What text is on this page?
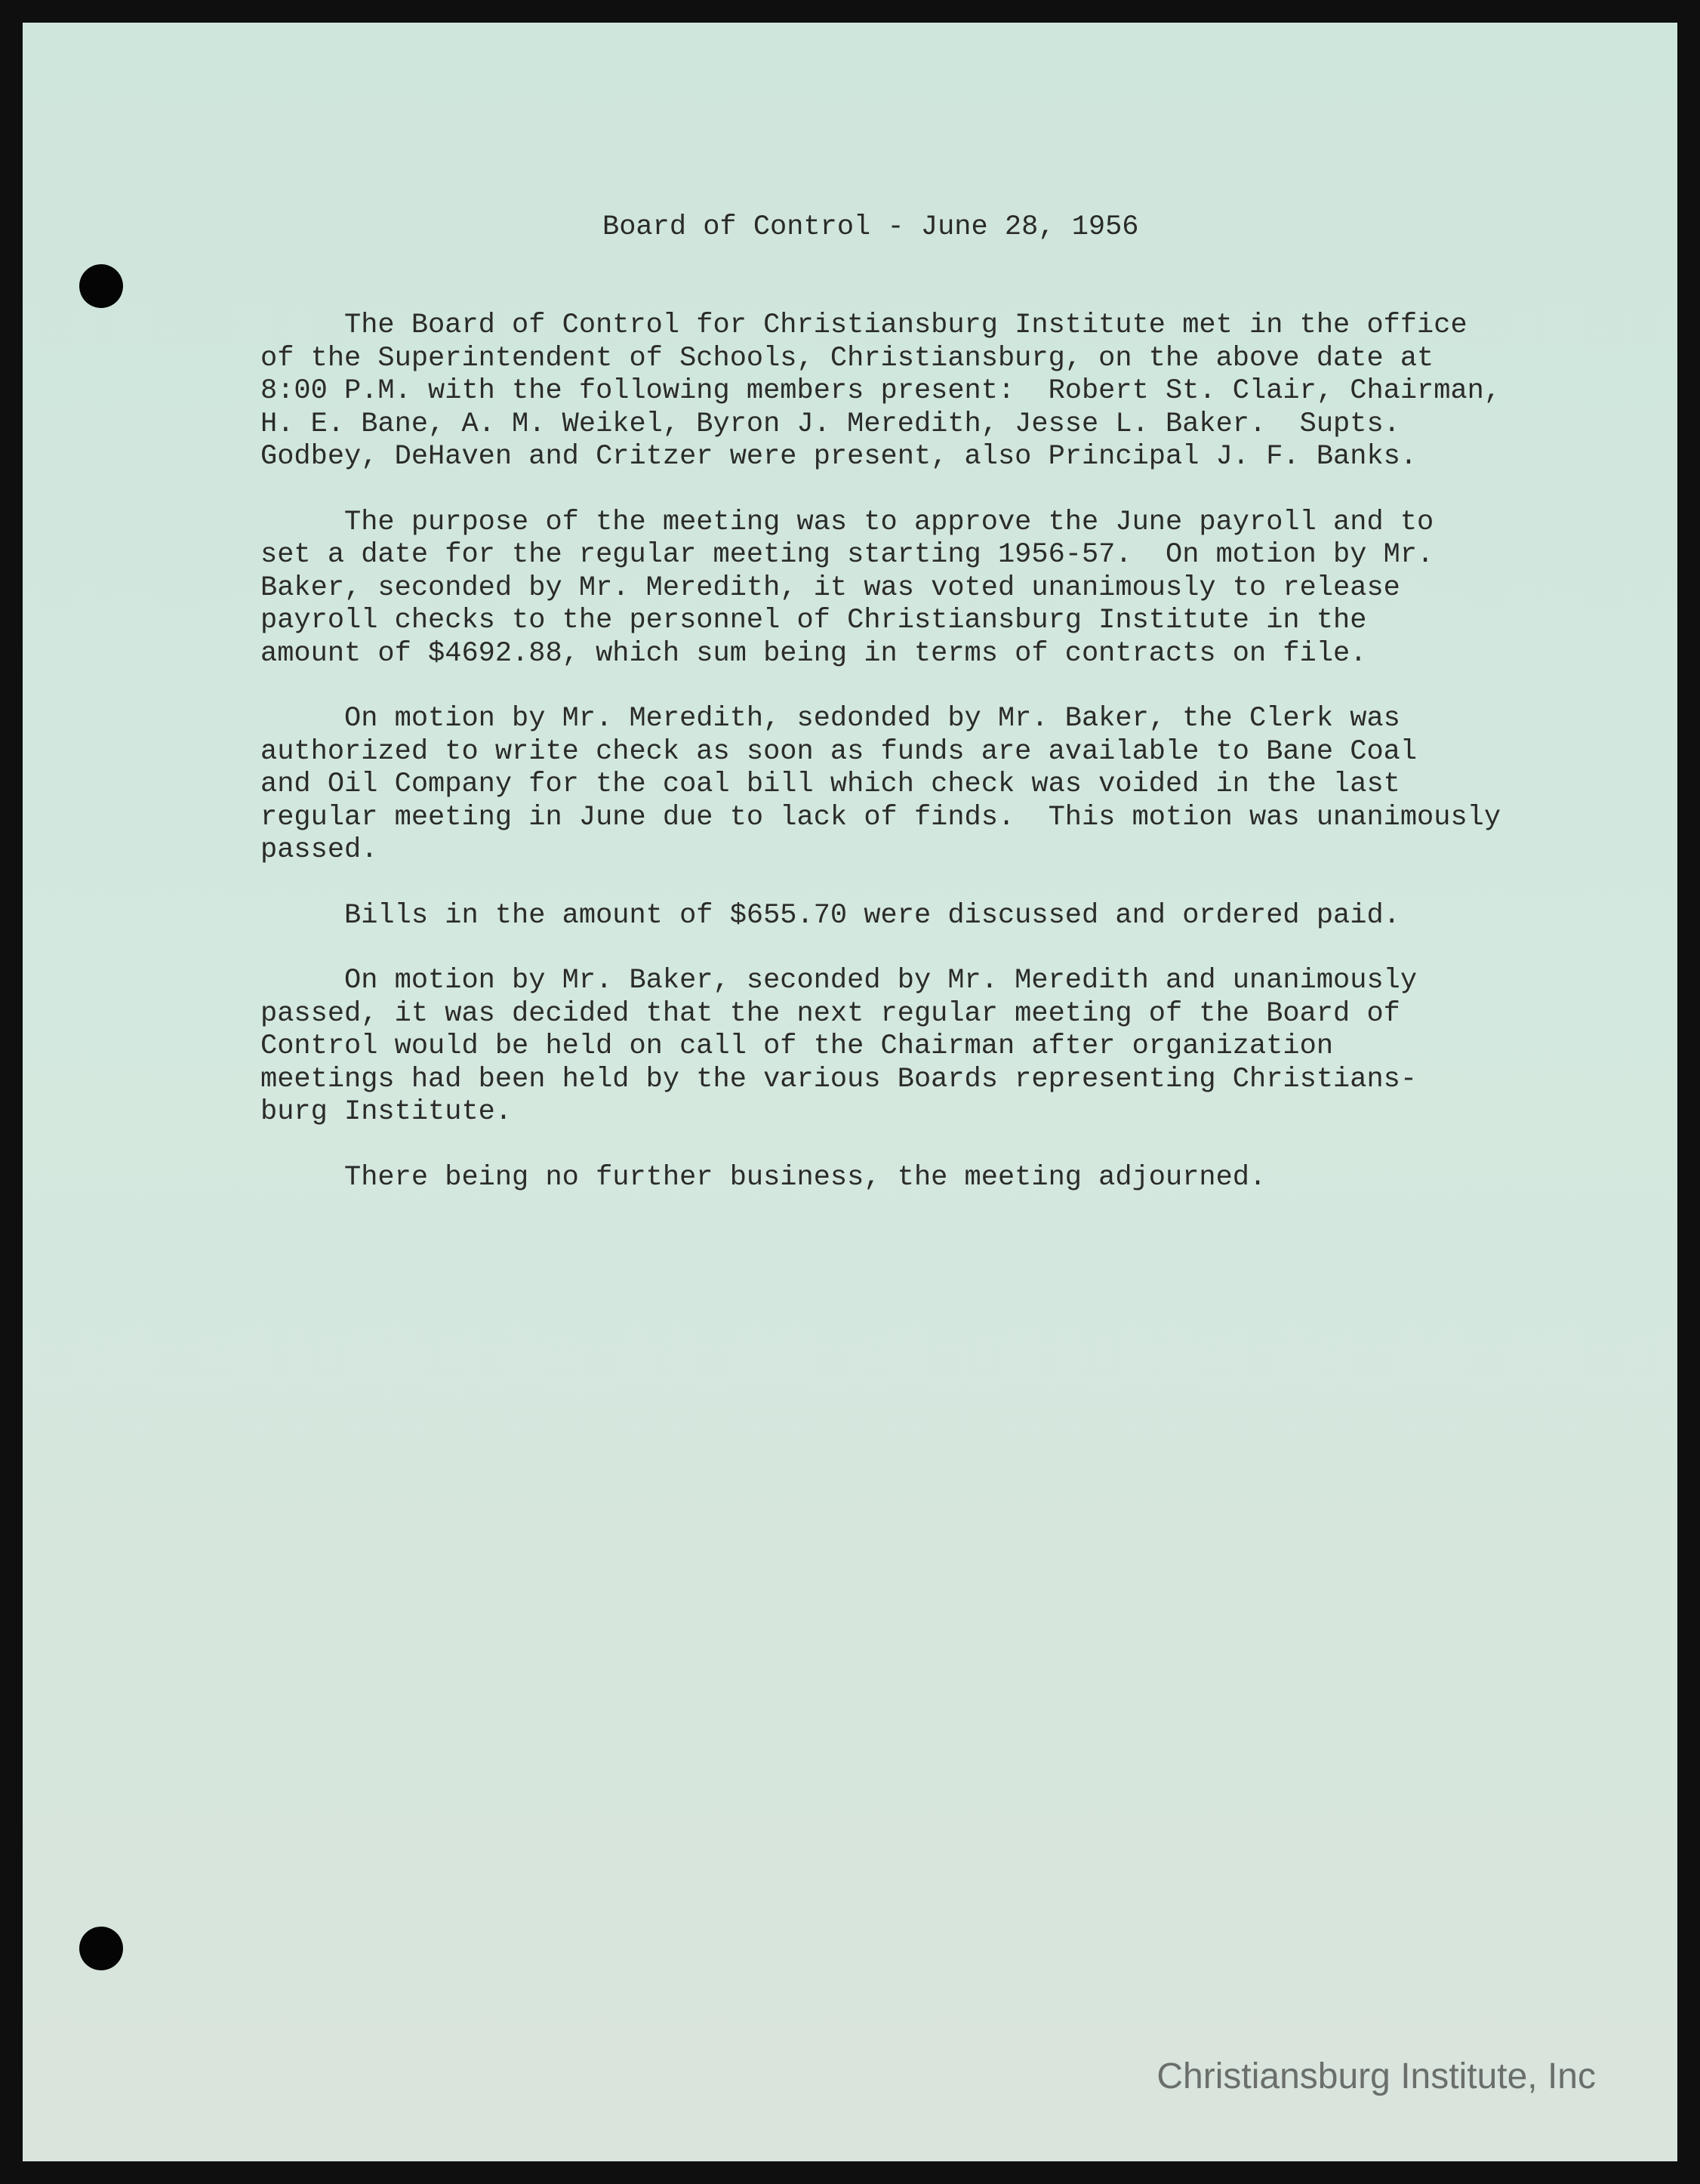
Board of Control - June 28, 1956

The Board of Control for Christiansburg Institute met in the office
of the Superintendent of Schools, Christiansburg, on the above date at
8:00 P.M. with the following members present:  Robert St. Clair, Chairman,
H. E. Bane, A. M. Weikel, Byron J. Meredith, Jesse L. Baker.  Supts.
Godbey, DeHaven and Critzer were present, also Principal J. F. Banks.

The purpose of the meeting was to approve the June payroll and to
set a date for the regular meeting starting 1956-57.  On motion by Mr.
Baker, seconded by Mr. Meredith, it was voted unanimously to release
payroll checks to the personnel of Christiansburg Institute in the
amount of $4692.88, which sum being in terms of contracts on file.

On motion by Mr. Meredith, sedonded by Mr. Baker, the Clerk was
authorized to write check as soon as funds are available to Bane Coal
and Oil Company for the coal bill which check was voided in the last
regular meeting in June due to lack of finds.  This motion was unanimously
passed.

Bills in the amount of $655.70 were discussed and ordered paid.

On motion by Mr. Baker, seconded by Mr. Meredith and unanimously
passed, it was decided that the next regular meeting of the Board of
Control would be held on call of the Chairman after organization
meetings had been held by the various Boards representing Christians-
burg Institute.

There being no further business, the meeting adjourned.

Christiansburg Institute, Inc
